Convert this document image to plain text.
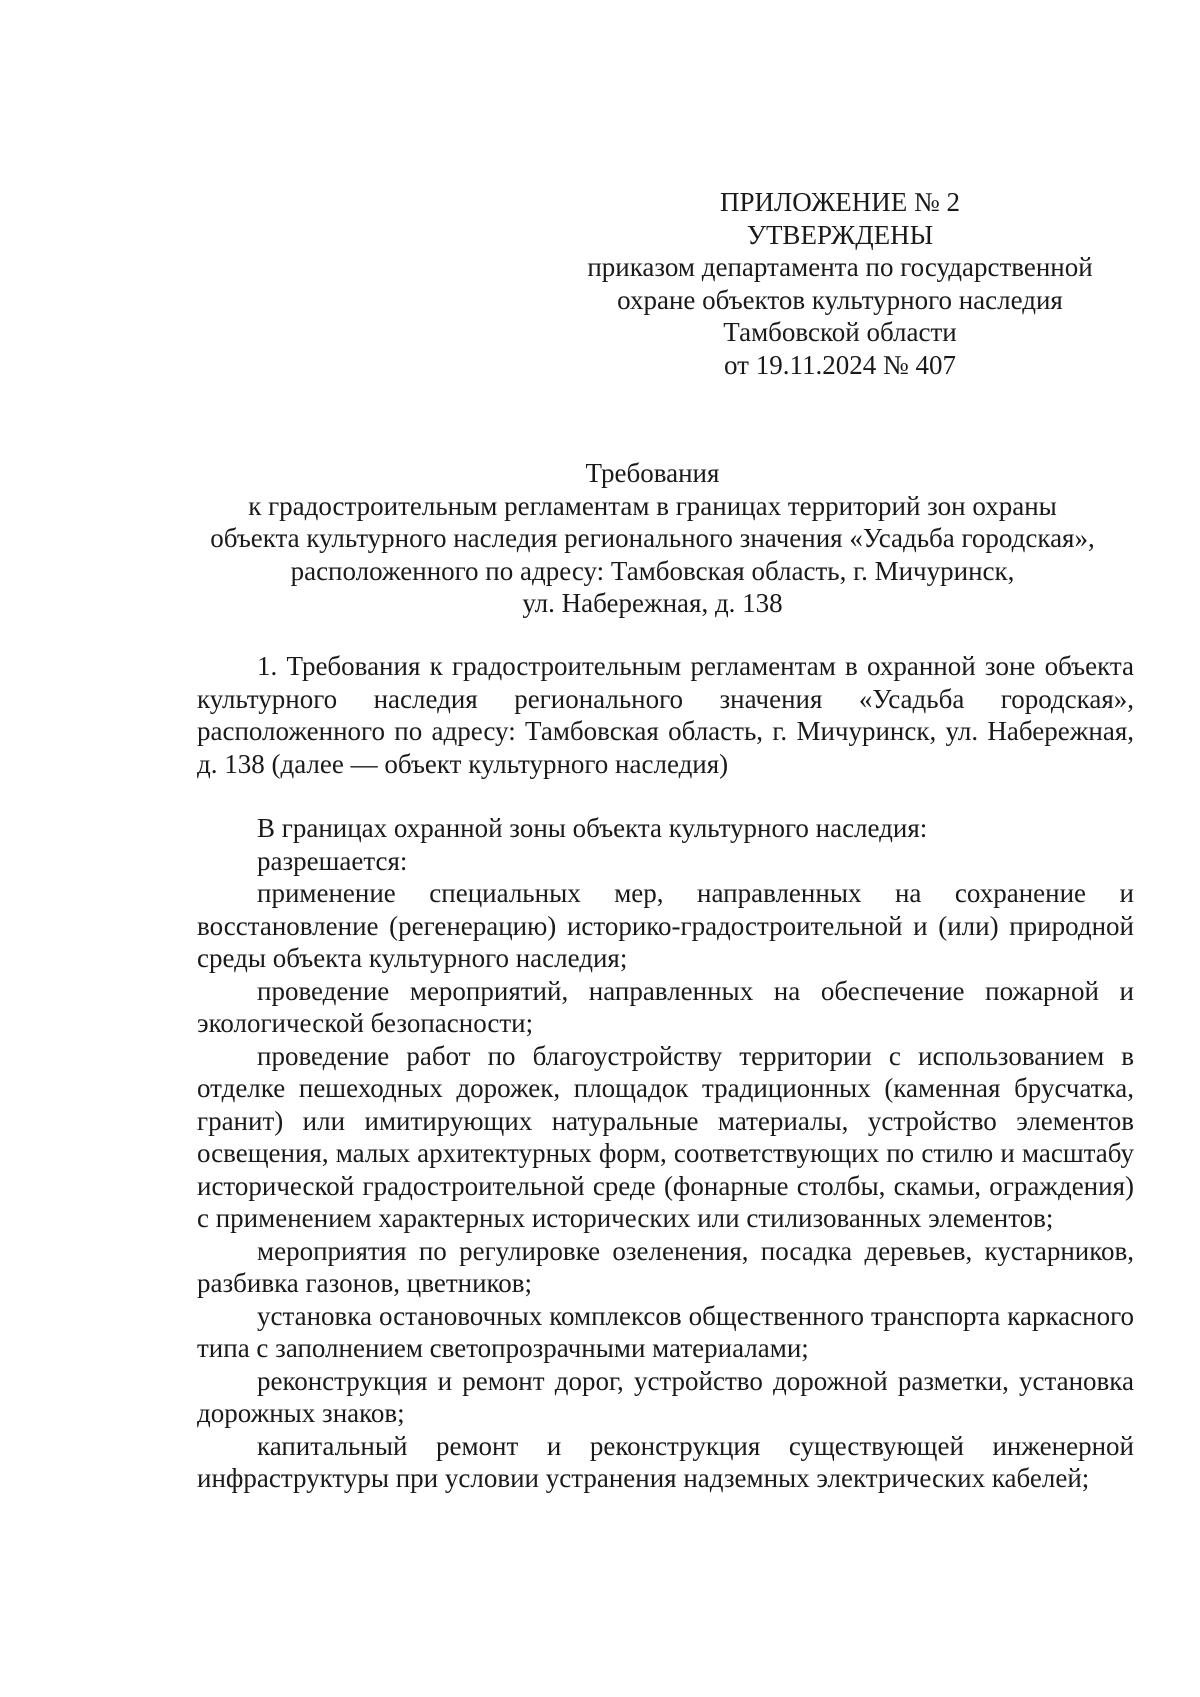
ПРИЛОЖЕНИЕ № 2
УТВЕРЖДЕНЫ
приказом департамента по государственной
охране объектов культурного наследия
Тамбовской области
от 19.11.2024 № 407
Требования
к градостроительным регламентам в границах территорий зон охраны
объекта культурного наследия регионального значения «Усадьба городская»,
расположенного по адресу: Тамбовская область, г. Мичуринск,
ул. Набережная, д. 138

1. Требования к градостроительным регламентам в охранной зоне объекта культурного наследия регионального значения «Усадьба городская», расположенного по адресу: Тамбовская область, г. Мичуринск, ул. Набережная, д. 138 (далее — объект культурного наследия)

В границах охранной зоны объекта культурного наследия:

разрешается:

применение специальных мер, направленных на сохранение и восстановление (регенерацию) историко-градостроительной и (или) природной среды объекта культурного наследия;

проведение мероприятий, направленных на обеспечение пожарной и экологической безопасности;

проведение работ по благоустройству территории с использованием в отделке пешеходных дорожек, площадок традиционных (каменная брусчатка, гранит) или имитирующих натуральные материалы, устройство элементов освещения, малых архитектурных форм, соответствующих по стилю и масштабу исторической градостроительной среде (фонарные столбы, скамьи, ограждения) с применением характерных исторических или стилизованных элементов;

мероприятия по регулировке озеленения, посадка деревьев, кустарников, разбивка газонов, цветников;

установка остановочных комплексов общественного транспорта каркасного типа с заполнением светопрозрачными материалами;

реконструкция и ремонт дорог, устройство дорожной разметки, установка дорожных знаков;

капитальный ремонт и реконструкция существующей инженерной инфраструктуры при условии устранения надземных электрических кабелей;
